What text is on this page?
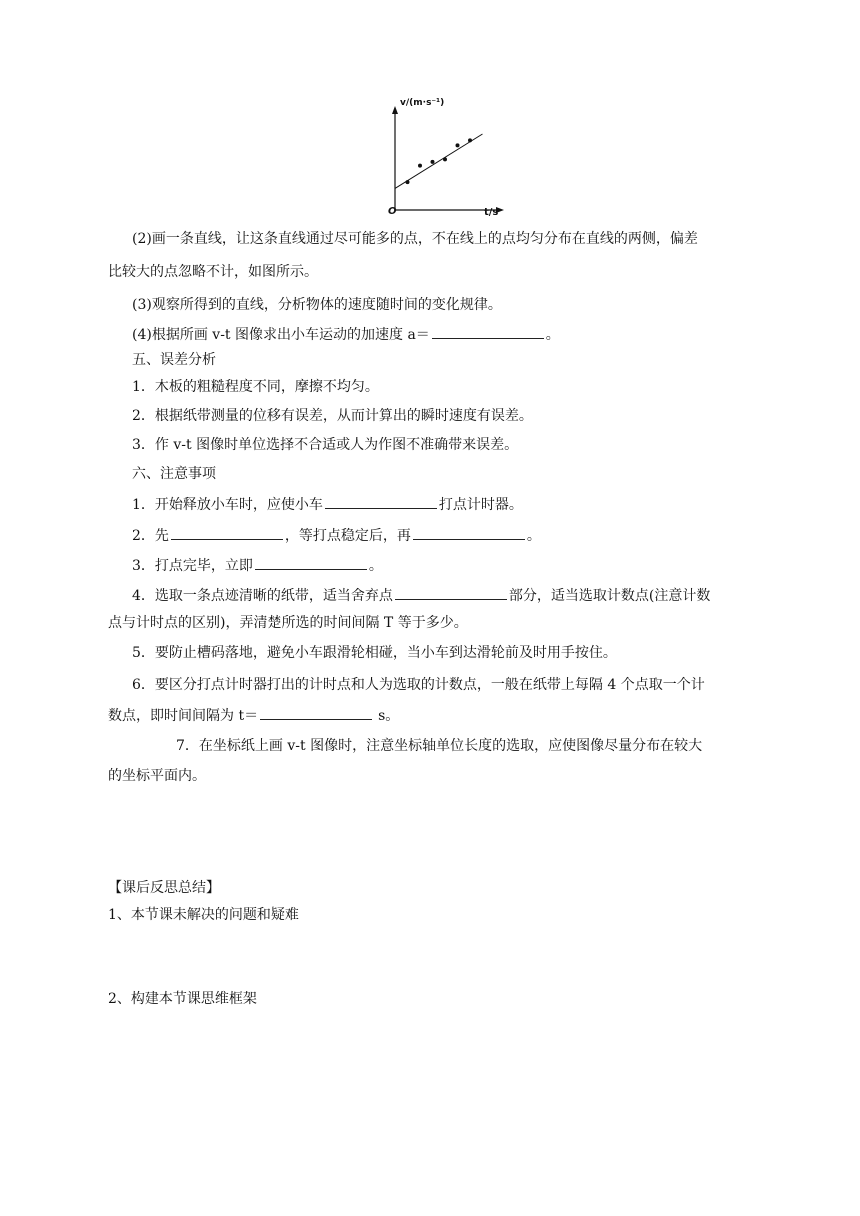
v/(m·s⁻¹)
O	t/s
(2)画一条直线，让这条直线通过尽可能多的点，不在线上的点均匀分布在直线的两侧，偏差
比较大的点忽略不计，如图所示。
(3)观察所得到的直线，分析物体的速度随时间的变化规律。
(4)根据所画 v-t 图像求出小车运动的加速度 a＝	。
五、误差分析
1．木板的粗糙程度不同，摩擦不均匀。
2．根据纸带测量的位移有误差，从而计算出的瞬时速度有误差。
3．作 v-t 图像时单位选择不合适或人为作图不准确带来误差。
六、注意事项
1．开始释放小车时，应使小车	打点计时器。
2．先	，等打点稳定后，再	。
3．打点完毕，立即	。
4．选取一条点迹清晰的纸带，适当舍弃点	部分，适当选取计数点(注意计数
点与计时点的区别)，弄清楚所选的时间间隔 T 等于多少。
5．要防止槽码落地，避免小车跟滑轮相碰，当小车到达滑轮前及时用手按住。
6．要区分打点计时器打出的计时点和人为选取的计数点，一般在纸带上每隔 4 个点取一个计
数点，即时间间隔为 t＝	s。
7．在坐标纸上画 v-t 图像时，注意坐标轴单位长度的选取，应使图像尽量分布在较大
的坐标平面内。
【课后反思总结】
1、本节课未解决的问题和疑难
2、构建本节课思维框架
